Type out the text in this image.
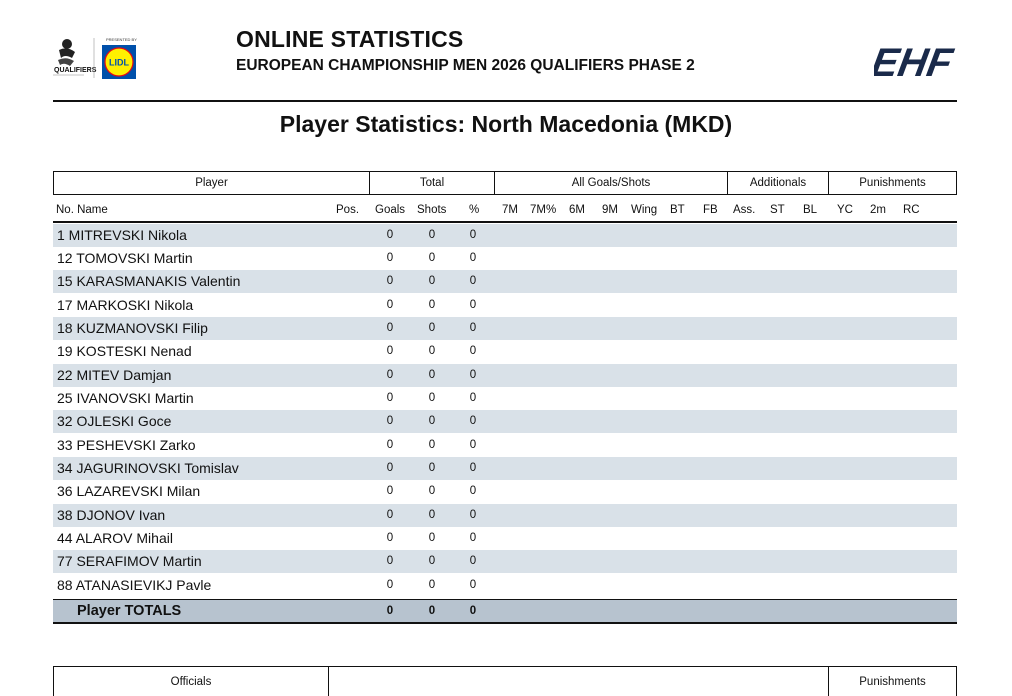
QUALIFIERS
PRESENTED BY
LIDL
ONLINE STATISTICS
EUROPEAN CHAMPIONSHIP MEN 2026 QUALIFIERS PHASE 2	EHF
Player Statistics: North Macedonia (MKD)
Player	Total	All Goals/Shots	Additionals	Punishments
No. Name	Pos. Goals Shots % 7M 7M% 6M 9M Wing BT FB Ass. ST BL YC 2m RC
1 MITREVSKI Nikola	0	0	0
12 TOMOVSKI Martin	0	0	0
15 KARASMANAKIS Valentin	0	0	0
17 MARKOSKI Nikola	0	0	0
18 KUZMANOVSKI Filip	0	0	0
19 KOSTESKI Nenad	0	0	0
22 MITEV Damjan	0	0	0
25 IVANOVSKI Martin	0	0	0
32 OJLESKI Goce	0	0	0
33 PESHEVSKI Zarko	0	0	0
34 JAGURINOVSKI Tomislav	0	0	0
36 LAZAREVSKI Milan	0	0	0
38 DJONOV Ivan	0	0	0
44 ALAROV Mihail	0	0	0
77 SERAFIMOV Martin	0	0	0
88 ATANASIEVIKJ Pavle	0	0	0
Player TOTALS	0	0	0
Officials	Punishments
